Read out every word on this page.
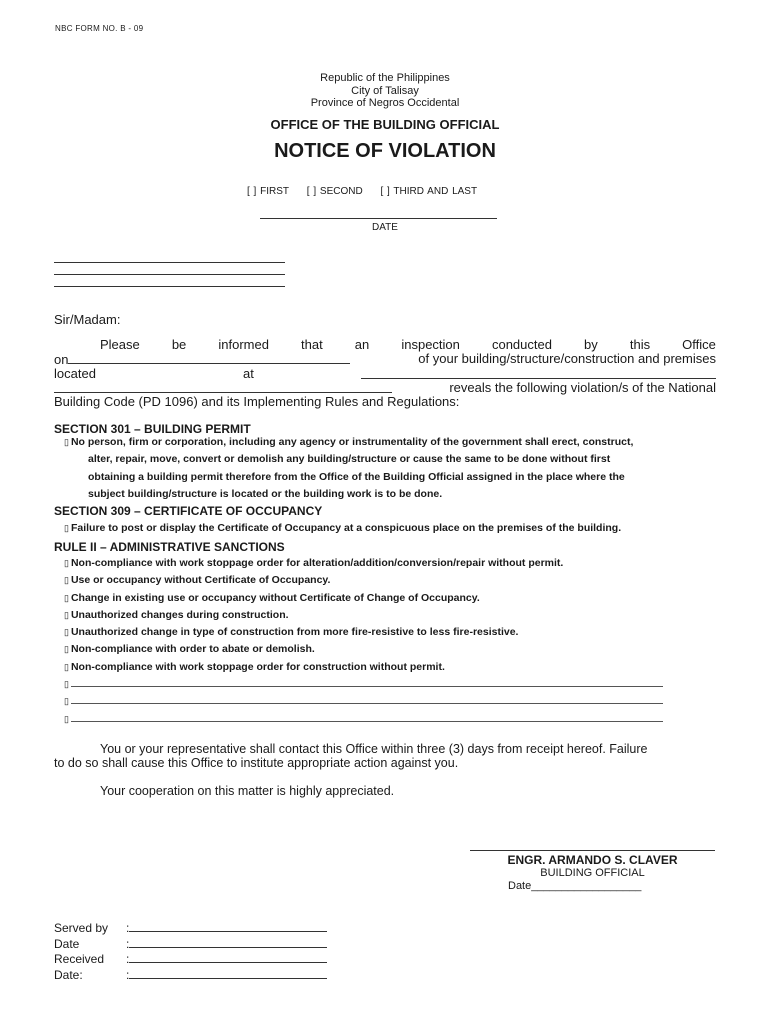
NBC FORM NO. B - 09
Republic of the Philippines
City of Talisay
Province of Negros Occidental
OFFICE OF THE BUILDING OFFICIAL
NOTICE OF VIOLATION
[ ] FIRST [ ] SECOND [ ] THIRD AND LAST
DATE
Sir/Madam:
Please be informed that an inspection conducted by this Office
on	of your building/structure/construction and premises
located	at
reveals the following violation/s of the National
Building Code (PD 1096) and its Implementing Rules and Regulations:
SECTION 301 – BUILDING PERMIT
▯ No person, firm or corporation, including any agency or instrumentality of the government shall erect, construct,
alter, repair, move, convert or demolish any building/structure or cause the same to be done without first
obtaining a building permit therefore from the Office of the Building Official assigned in the place where the
subject building/structure is located or the building work is to be done.
SECTION 309 – CERTIFICATE OF OCCUPANCY
▯ Failure to post or display the Certificate of Occupancy at a conspicuous place on the premises of the building.
RULE II – ADMINISTRATIVE SANCTIONS
▯ Non-compliance with work stoppage order for alteration/addition/conversion/repair without permit.
▯ Use or occupancy without Certificate of Occupancy.
▯ Change in existing use or occupancy without Certificate of Change of Occupancy.
▯ Unauthorized changes during construction.
▯ Unauthorized change in type of construction from more fire-resistive to less fire-resistive.
▯ Non-compliance with order to abate or demolish.
▯ Non-compliance with work stoppage order for construction without permit.
▯
▯
▯
You or your representative shall contact this Office within three (3) days from receipt hereof. Failure
to do so shall cause this Office to institute appropriate action against you.
Your cooperation on this matter is highly appreciated.
ENGR. ARMANDO S. CLAVER
BUILDING OFFICIAL
Date__________________
Served by :
Date	:
Received :
Date:	:
